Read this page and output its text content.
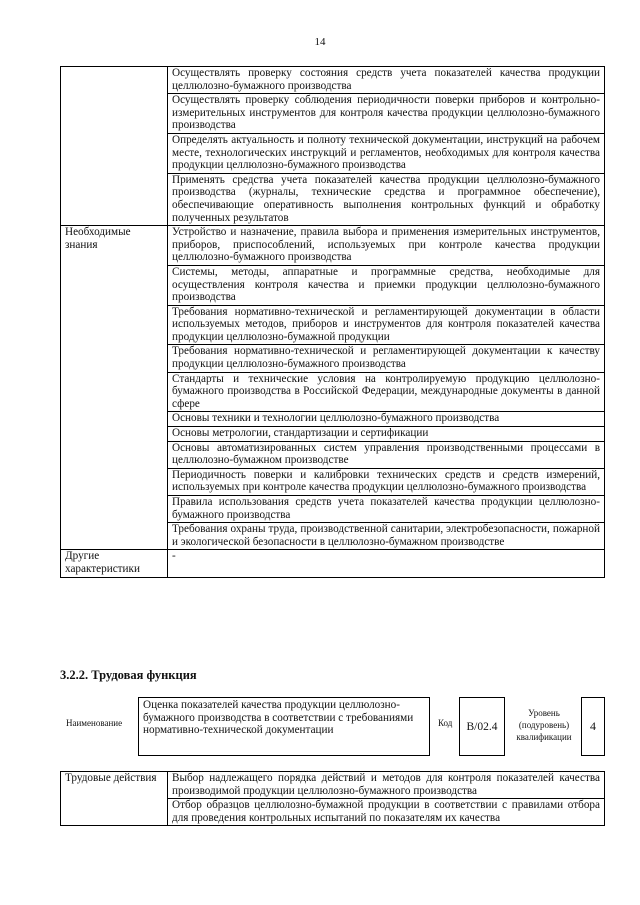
14
	Осуществлять проверку состояния средств учета показателей качества продукции целлюлозно-бумажного производства
	Осуществлять проверку соблюдения периодичности поверки приборов и контрольно-измерительных инструментов для контроля качества продукции целлюлозно-бумажного производства
	Определять актуальность и полноту технической документации, инструкций на рабочем месте, технологических инструкций и регламентов, необходимых для контроля качества продукции целлюлозно-бумажного производства
	Применять средства учета показателей качества продукции целлюлозно-бумажного производства (журналы, технические средства и программное обеспечение), обеспечивающие оперативность выполнения контрольных функций и обработку полученных результатов
Необходимые знания	Устройство и назначение, правила выбора и применения измерительных инструментов, приборов, приспособлений, используемых при контроле качества продукции целлюлозно-бумажного производства
	Системы, методы, аппаратные и программные средства, необходимые для осуществления контроля качества и приемки продукции целлюлозно-бумажного производства
	Требования нормативно-технической и регламентирующей документации в области используемых методов, приборов и инструментов для контроля показателей качества продукции целлюлозно-бумажной продукции
	Требования нормативно-технической и регламентирующей документации к качеству продукции целлюлозно-бумажного производства
	Стандарты и технические условия на контролируемую продукцию целлюлозно-бумажного производства в Российской Федерации, международные документы в данной сфере
	Основы техники и технологии целлюлозно-бумажного производства
	Основы метрологии, стандартизации и сертификации
	Основы автоматизированных систем управления производственными процессами в целлюлозно-бумажном производстве
	Периодичность поверки и калибровки технических средств и средств измерений, используемых при контроле качества продукции целлюлозно-бумажного производства
	Правила использования средств учета показателей качества продукции целлюлозно-бумажного производства
	Требования охраны труда, производственной санитарии, электробезопасности, пожарной и экологической безопасности в целлюлозно-бумажном производстве
Другие характеристики	-
3.2.2. Трудовая функция
Наименование
Оценка показателей качества продукции целлюлозно-бумажного производства в соответствии с требованиями нормативно-технической документации
Код	B/02.4
Уровень (подуровень) квалификации
4
Трудовые действия	Выбор надлежащего порядка действий и методов для контроля показателей качества производимой продукции целлюлозно-бумажного производства
Отбор образцов целлюлозно-бумажной продукции в соответствии с правилами отбора для проведения контрольных испытаний по показателям их качества
